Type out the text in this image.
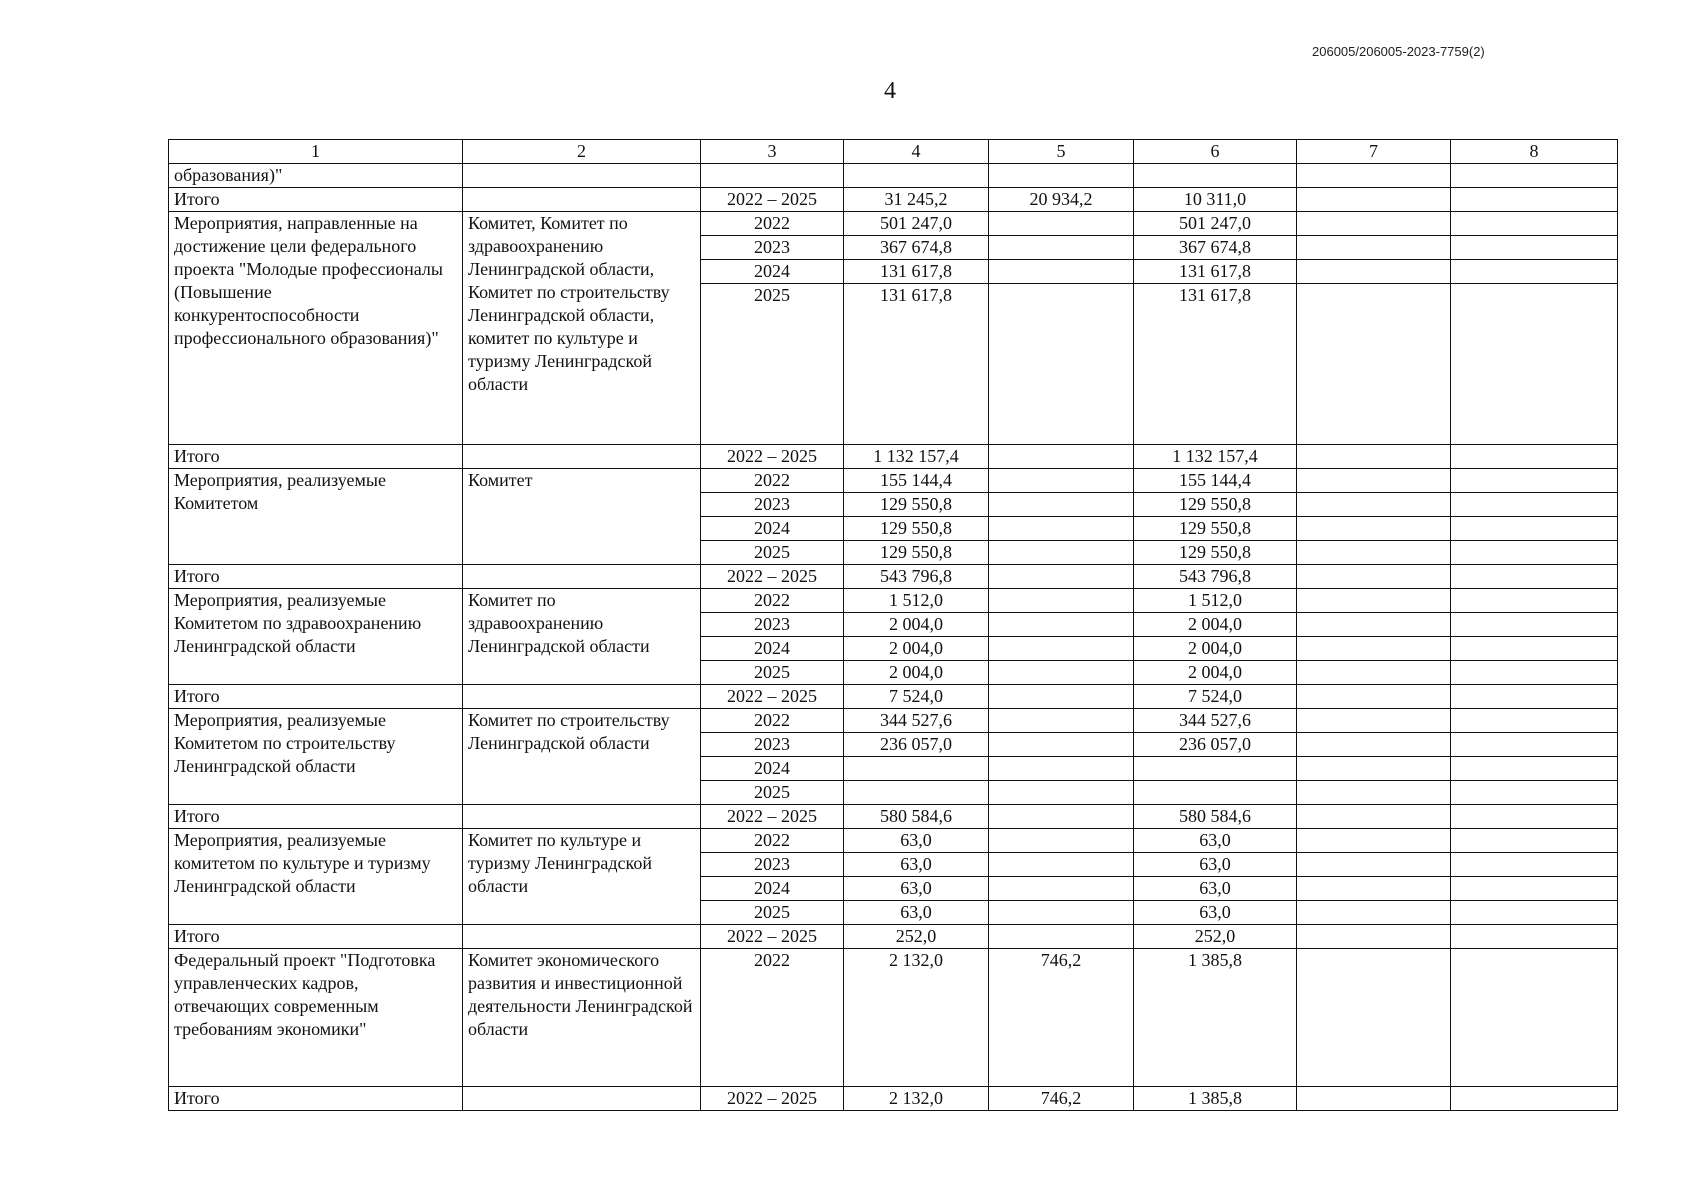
206005/206005-2023-7759(2)
4
1	2	3	4	5	6	7	8
образования)"							
Итого		2022 – 2025	31 245,2	20 934,2	10 311,0		
Мероприятия, направленные на достижение цели федерального проекта "Молодые профессионалы (Повышение конкурентоспособности профессионального образования)"	Комитет, Комитет по здравоохранению Ленинградской области, Комитет по строительству Ленинградской области, комитет по культуре и туризму Ленинградской области	2022	501 247,0		501 247,0		
		2023	367 674,8		367 674,8		
		2024	131 617,8		131 617,8		
		2025	131 617,8		131 617,8		
Итого		2022 – 2025	1 132 157,4		1 132 157,4		
Мероприятия, реализуемые Комитетом	Комитет	2022	155 144,4		155 144,4		
		2023	129 550,8		129 550,8		
		2024	129 550,8		129 550,8		
		2025	129 550,8		129 550,8		
Итого		2022 – 2025	543 796,8		543 796,8		
Мероприятия, реализуемые Комитетом по здравоохранению Ленинградской области	Комитет по здравоохранению Ленинградской области	2022	1 512,0		1 512,0		
		2023	2 004,0		2 004,0		
		2024	2 004,0		2 004,0		
		2025	2 004,0		2 004,0		
Итого		2022 – 2025	7 524,0		7 524,0		
Мероприятия, реализуемые Комитетом по строительству Ленинградской области	Комитет по строительству Ленинградской области	2022	344 527,6		344 527,6		
		2023	236 057,0		236 057,0		
		2024					
		2025					
Итого		2022 – 2025	580 584,6		580 584,6		
Мероприятия, реализуемые комитетом по культуре и туризму Ленинградской области	Комитет по культуре и туризму Ленинградской области	2022	63,0		63,0		
		2023	63,0		63,0		
		2024	63,0		63,0		
		2025	63,0		63,0		
Итого		2022 – 2025	252,0		252,0		
Федеральный проект "Подготовка управленческих кадров, отвечающих современным требованиям экономики"	Комитет экономического развития и инвестиционной деятельности Ленинградской области	2022	2 132,0	746,2	1 385,8		
Итого		2022 – 2025	2 132,0	746,2	1 385,8		
